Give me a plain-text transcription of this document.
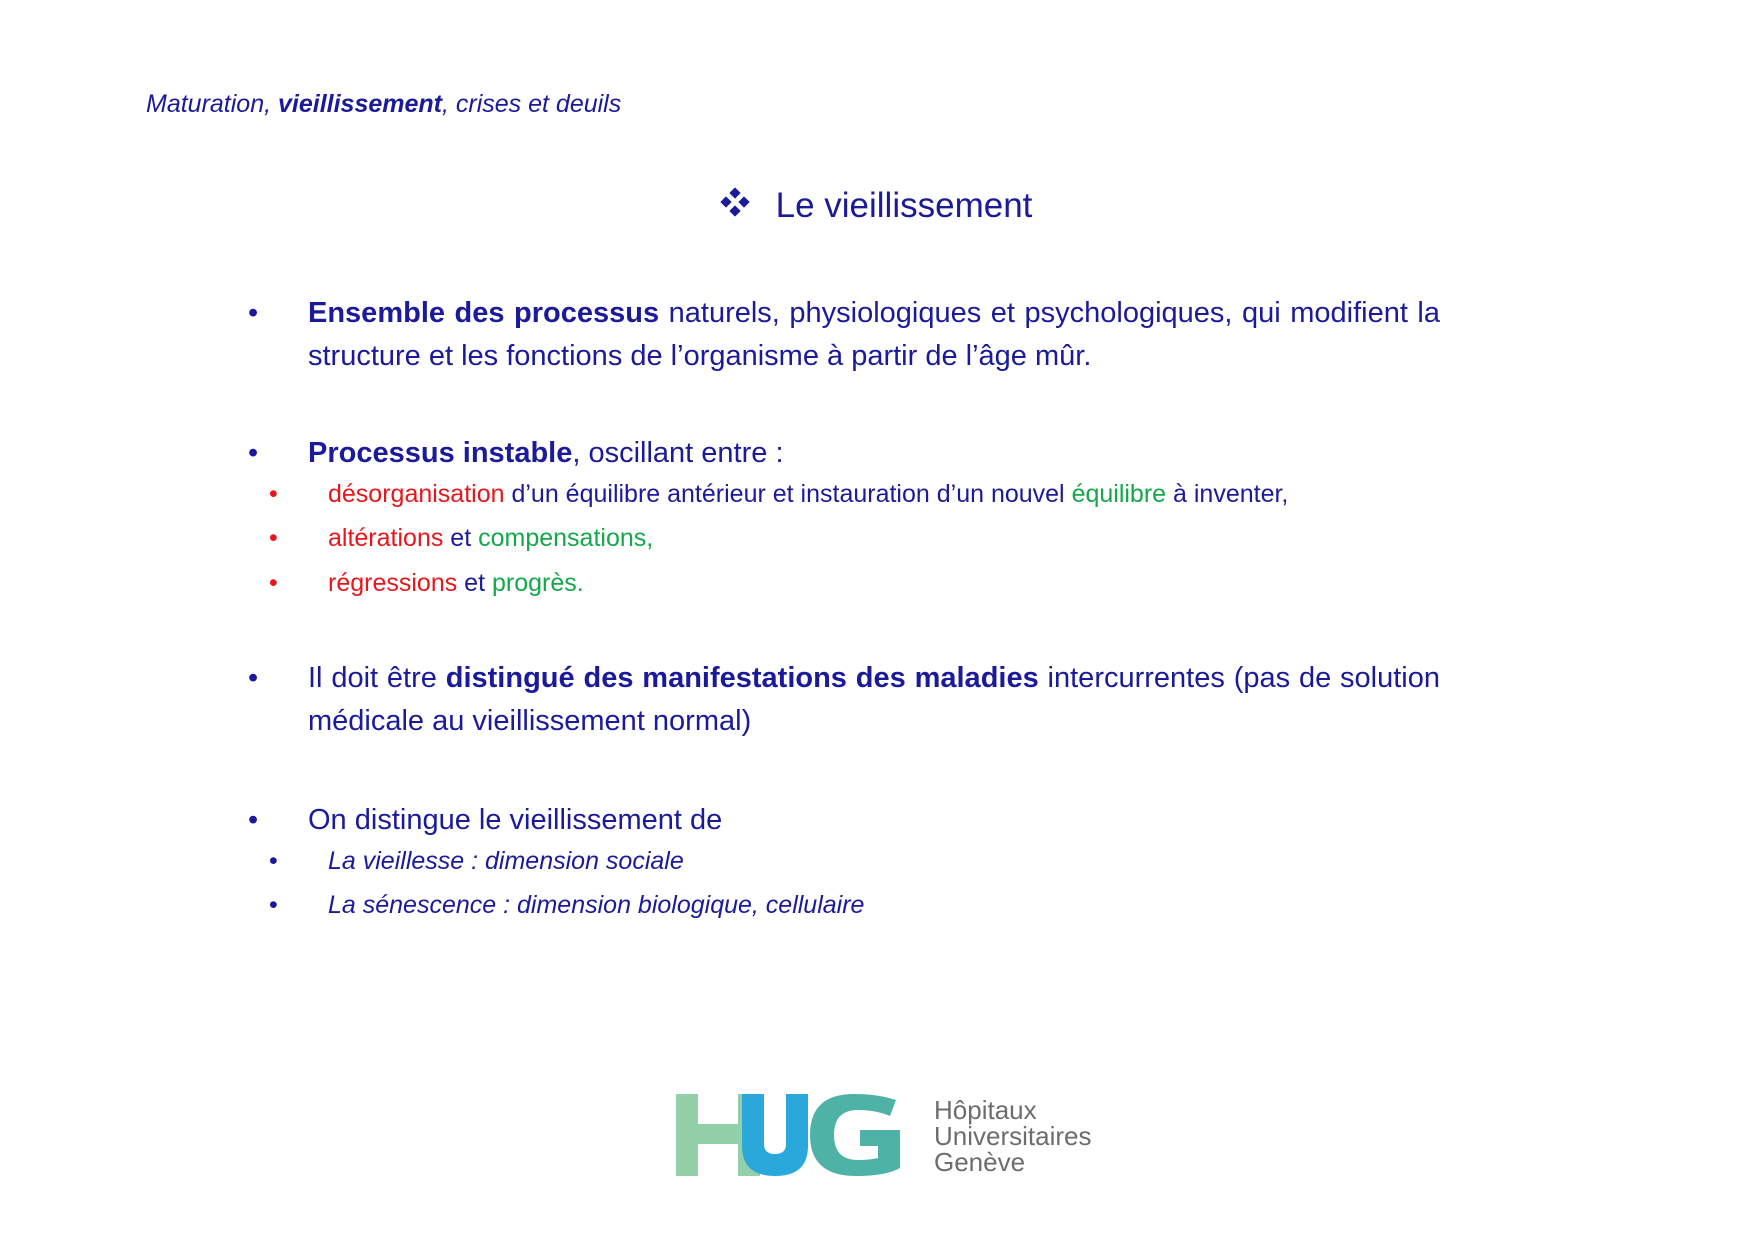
Maturation, vieillissement, crises et deuils
Le vieillissement
•	Ensemble des processus naturels, physiologiques et psychologiques, qui modifient la structure et les fonctions de l’organisme à partir de l’âge mûr.
•	Processus instable, oscillant entre :
• désorganisation d’un équilibre antérieur et instauration d’un nouvel équilibre à inventer,
• altérations et compensations,
• régressions et progrès.
•	Il doit être distingué des manifestations des maladies intercurrentes (pas de solution médicale au vieillissement normal)
•	On distingue le vieillissement de
• La vieillesse : dimension sociale
• La sénescence : dimension biologique, cellulaire
Hôpitaux
Universitaires
Genève
